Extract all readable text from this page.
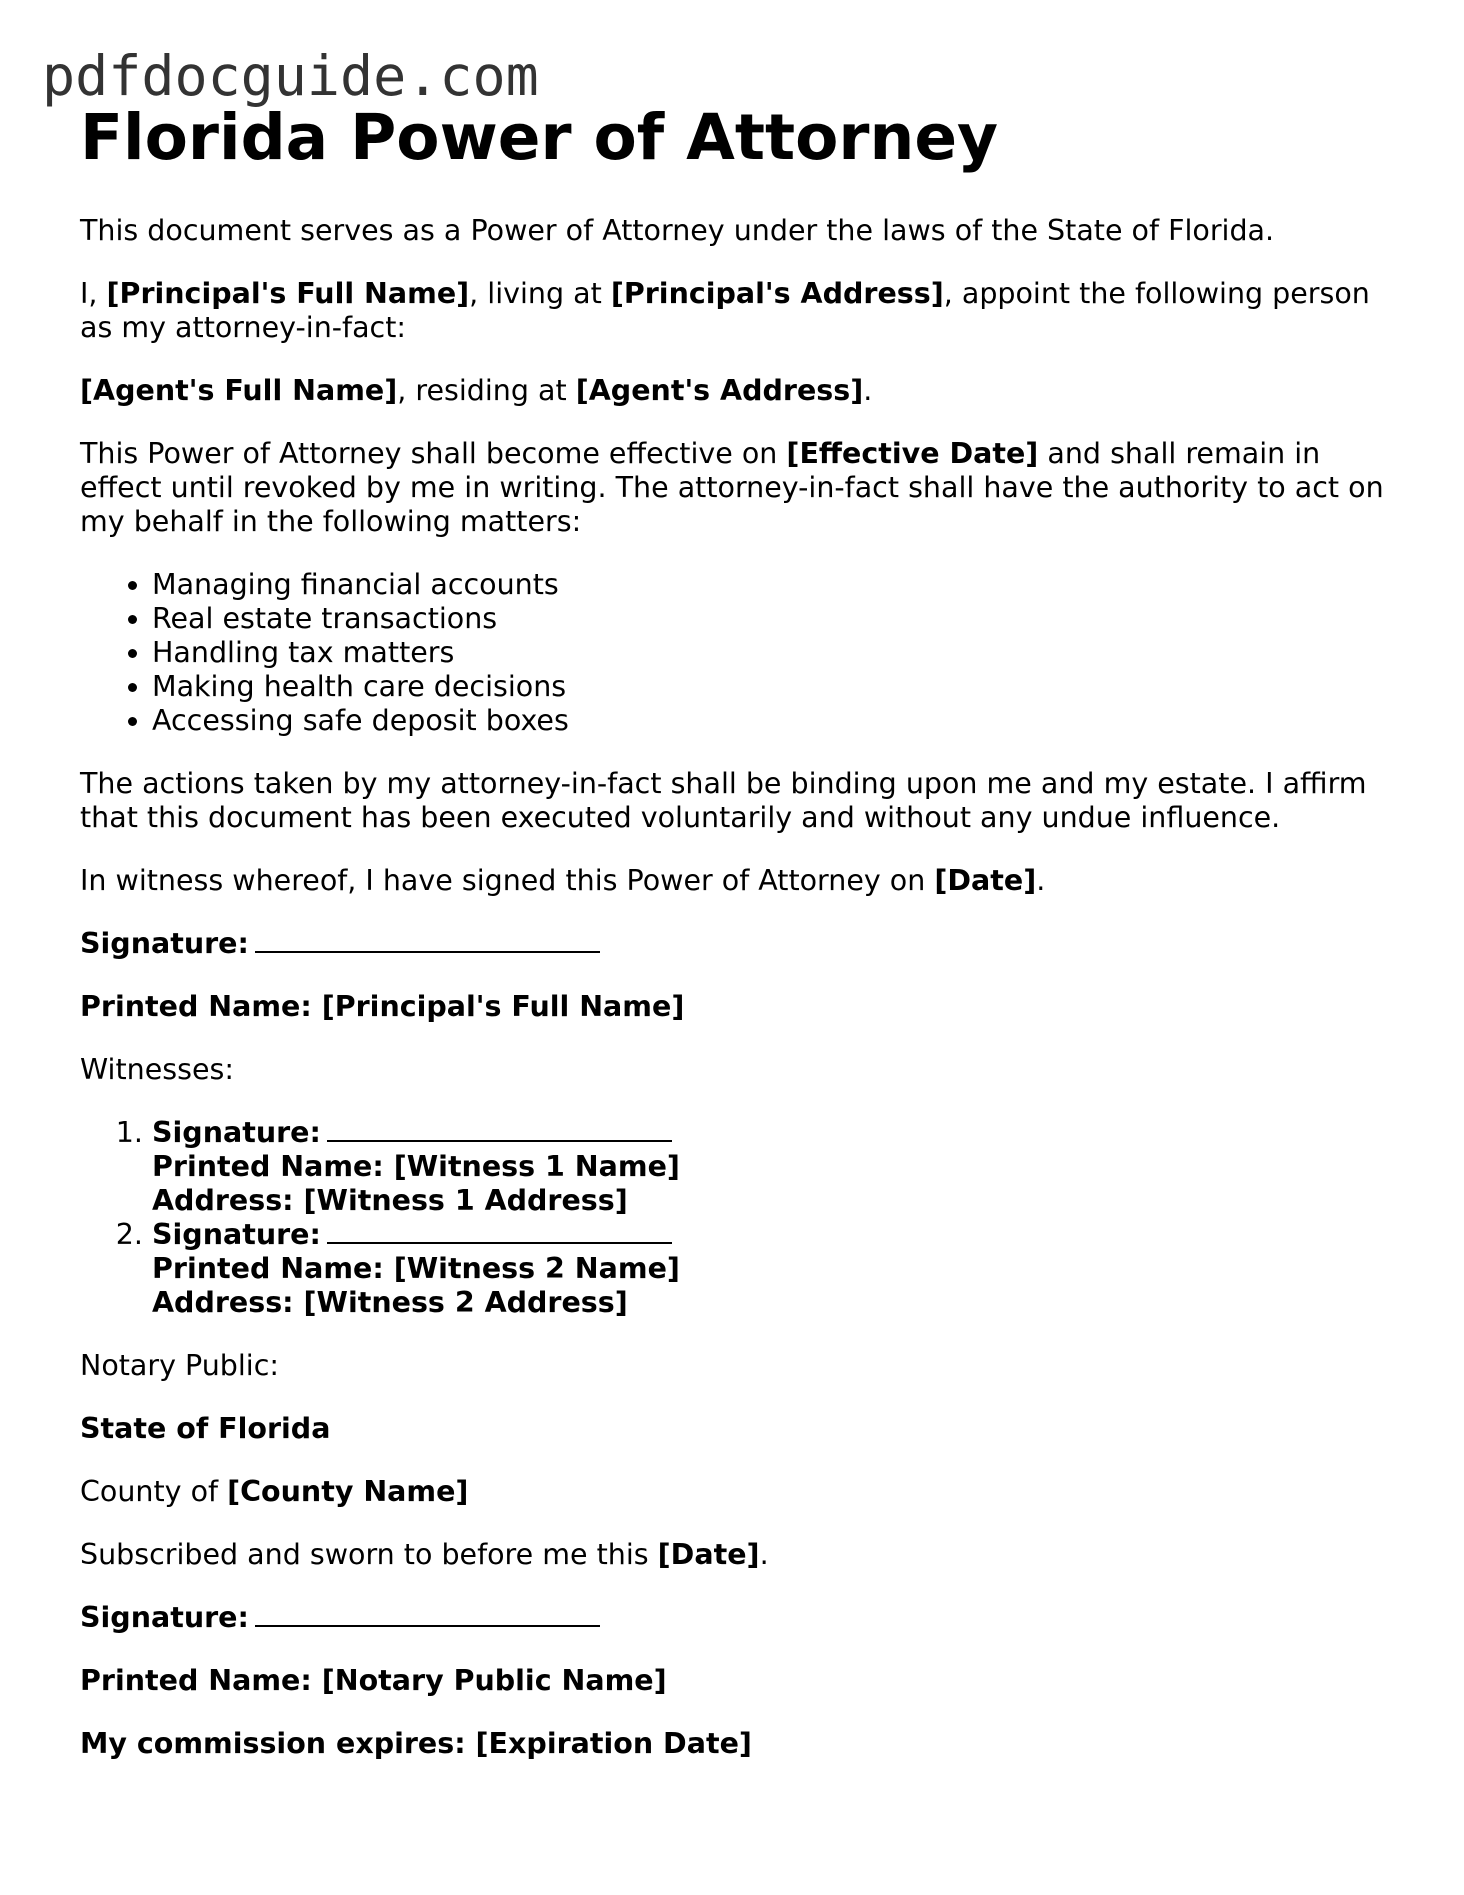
pdfdocguide.com
Florida Power of Attorney

This document serves as a Power of Attorney under the laws of the State of Florida.

I, [Principal's Full Name], living at [Principal's Address], appoint the following person as my attorney-in-fact:

[Agent's Full Name], residing at [Agent's Address].

This Power of Attorney shall become effective on [Effective Date] and shall remain in effect until revoked by me in writing. The attorney-in-fact shall have the authority to act on my behalf in the following matters:

• Managing financial accounts
• Real estate transactions
• Handling tax matters
• Making health care decisions
• Accessing safe deposit boxes

The actions taken by my attorney-in-fact shall be binding upon me and my estate. I affirm that this document has been executed voluntarily and without any undue influence.

In witness whereof, I have signed this Power of Attorney on [Date].

Signature:

Printed Name: [Principal's Full Name]

Witnesses:

1. Signature:
Printed Name: [Witness 1 Name]
Address: [Witness 1 Address]
2. Signature:
Printed Name: [Witness 2 Name]
Address: [Witness 2 Address]

Notary Public:

State of Florida

County of [County Name]

Subscribed and sworn to before me this [Date].

Signature:

Printed Name: [Notary Public Name]

My commission expires: [Expiration Date]
